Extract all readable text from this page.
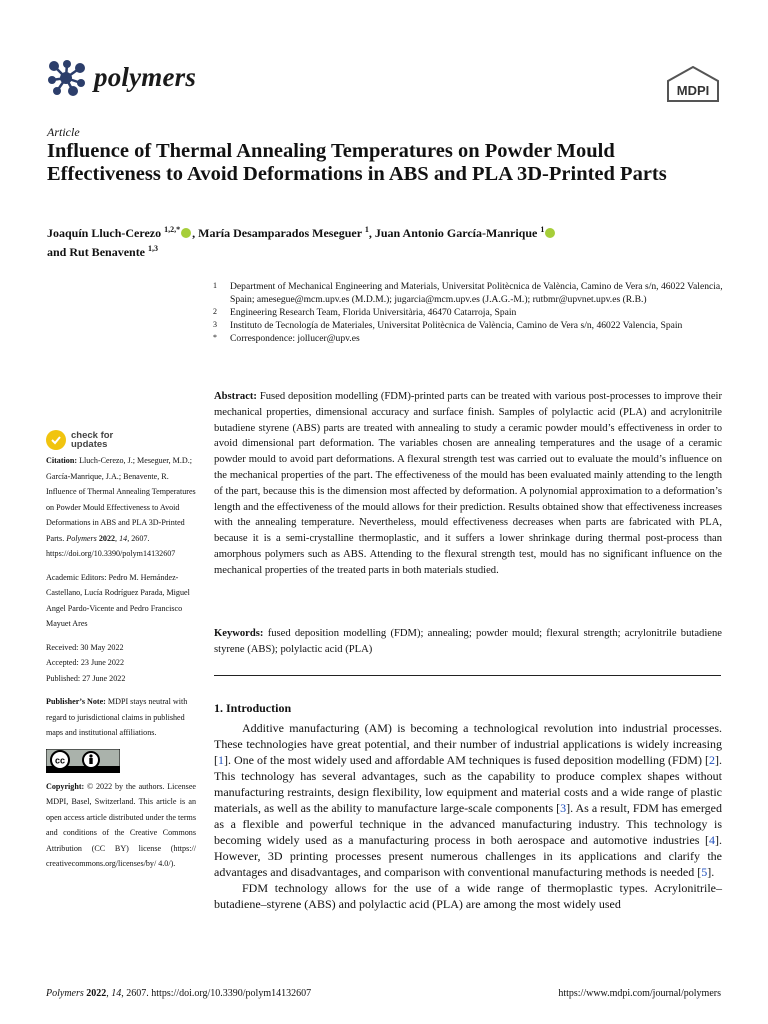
polymers	MDPI
Article
Influence of Thermal Annealing Temperatures on Powder Mould Effectiveness to Avoid Deformations in ABS and PLA 3D-Printed Parts
Joaquín Lluch-Cerezo $^{1,2,*}$ , María Desamparados Meseguer $^1$, Juan Antonio García-Manrique $^1$
and Rut Benavente $^{1,3}$
1	Department of Mechanical Engineering and Materials, Universitat Politècnica de València, Camino de Vera s/n, 46022 Valencia, Spain; amesegue@mcm.upv.es (M.D.M.); jugarcia@mcm.upv.es (J.A.G.-M.); rutbmr@upvnet.upv.es (R.B.)
2	Engineering Research Team, Florida Universitària, 46470 Catarroja, Spain
3	Instituto de Tecnología de Materiales, Universitat Politècnica de València, Camino de Vera s/n, 46022 Valencia, Spain
*	Correspondence: jollucer@upv.es

Abstract: Fused deposition modelling (FDM)-printed parts can be treated with various post-processes to improve their mechanical properties, dimensional accuracy and surface finish. Samples of polylactic acid (PLA) and acrylonitrile butadiene styrene (ABS) parts are treated with annealing to study a ceramic powder mould’s effectiveness in order to avoid dimensional part deformation. The variables chosen are annealing temperatures and the usage of a ceramic powder mould to avoid part deformations. A flexural strength test was carried out to evaluate the mould’s influence on the mechanical properties of the part. The effectiveness of the mould has been evaluated mainly attending to the length of the part, because this is the dimension most affected by deformation. A polynomial approximation to a deformation’s length and the effectiveness of the mould allows for their prediction. Results obtained show that effectiveness increases with the annealing temperature. Nevertheless, mould effectiveness decreases when parts are fabricated with PLA, because it is a semi-crystalline thermoplastic, and it suffers a lower shrinkage during thermal post-process than amorphous polymers such as ABS. Attending to the flexural strength test, mould has no significant influence on the mechanical properties of the treated parts in both materials studied.

Keywords: fused deposition modelling (FDM); annealing; powder mould; flexural strength; acrylonitrile butadiene styrene (ABS); polylactic acid (PLA)

1. Introduction

Additive manufacturing (AM) is becoming a technological revolution into industrial processes. These technologies have great potential, and their number of industrial applications is widely increasing [1]. One of the most widely used and affordable AM techniques is fused deposition modelling (FDM) [2]. This technology has several advantages, such as the capability to produce complex shapes without manufacturing restraints, design flexibility, low equipment and material costs and a wide range of plastic materials, as well as the ability to manufacture large-scale components [3]. As a result, FDM has emerged as a flexible and powerful technique in the advanced manufacturing industry. This technology is becoming widely used as a manufacturing process in both aerospace and automotive industries [4]. However, 3D printing processes present numerous challenges in its applications and clarify the advantages and disadvantages, and comparison with conventional manufacturing methods is needed [5].

FDM technology allows for the use of a wide range of thermoplastic types. Acrylonitrile–butadiene–styrene (ABS) and polylactic acid (PLA) are among the most widely used

check for
updates
Citation: Lluch-Cerezo, J.; Meseguer, M.D.; García-Manrique, J.A.; Benavente, R. Influence of Thermal Annealing Temperatures on Powder Mould Effectiveness to Avoid Deformations in ABS and PLA 3D-Printed Parts. Polymers 2022, 14, 2607. https://doi.org/10.3390/polym14132607
Academic Editors: Pedro M. Hernández-Castellano, Lucía Rodríguez Parada, Miguel Angel Pardo-Vicente and Pedro Francisco Mayuet Ares
Received: 30 May 2022
Accepted: 23 June 2022
Published: 27 June 2022
Publisher’s Note: MDPI stays neutral with regard to jurisdictional claims in published maps and institutional affiliations.
cc
Copyright: © 2022 by the authors. Licensee MDPI, Basel, Switzerland. This article is an open access article distributed under the terms and conditions of the Creative Commons Attribution (CC BY) license (https:// creativecommons.org/licenses/by/ 4.0/).
Polymers 2022, 14, 2607. https://doi.org/10.3390/polym14132607	https://www.mdpi.com/journal/polymers
